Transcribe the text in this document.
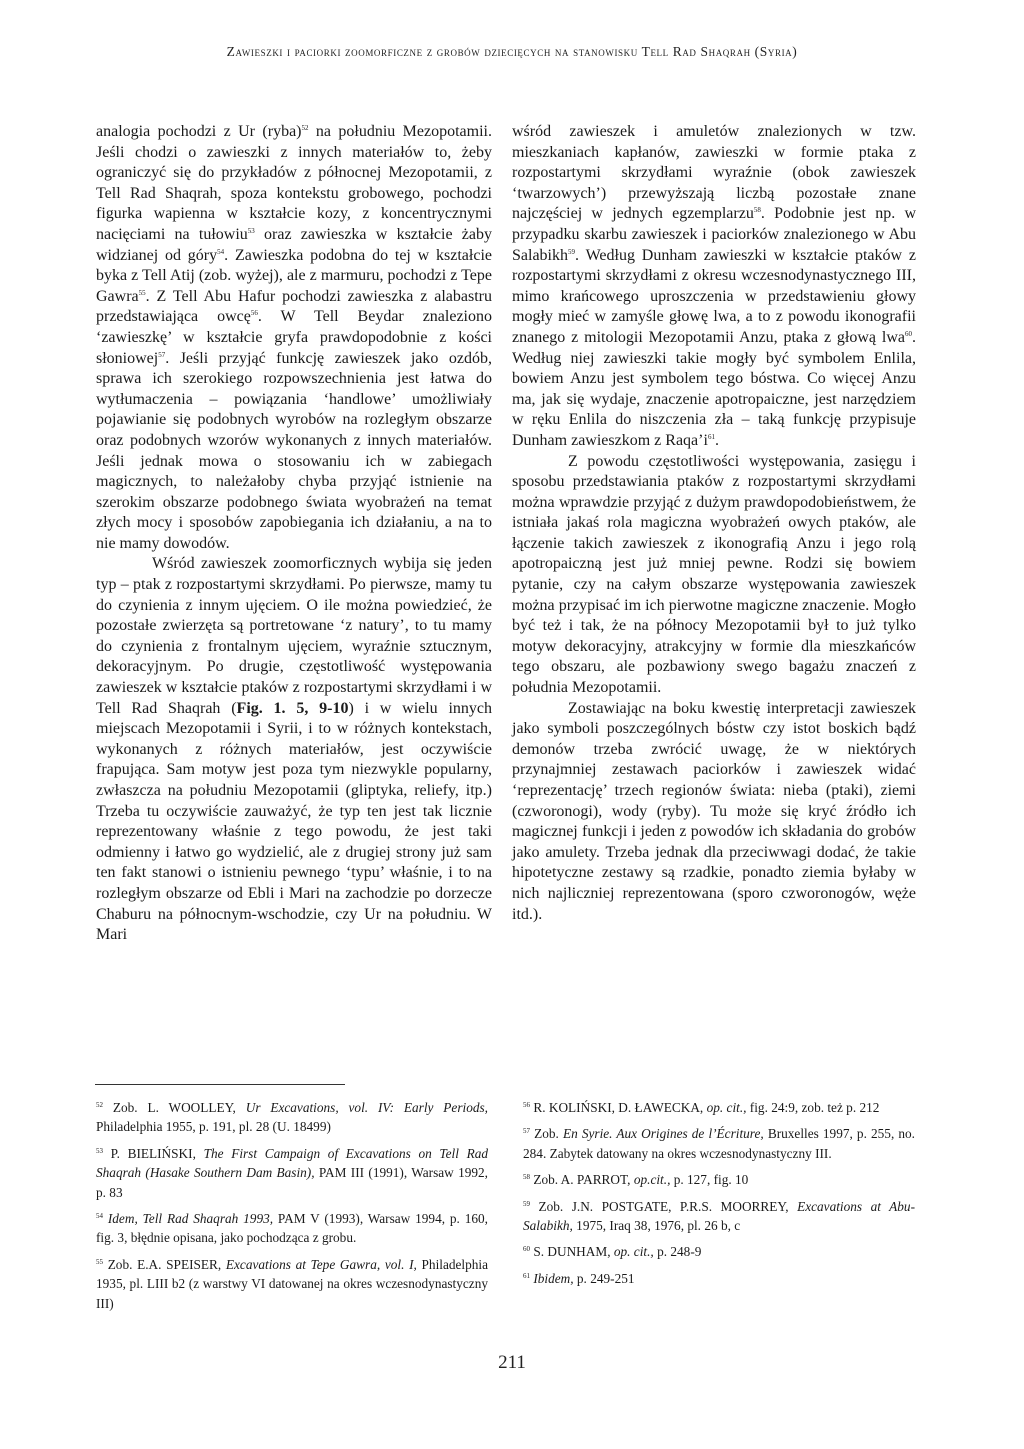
Zawieszki i paciorki zoomorficzne z grobów dziecięcych na stanowisku Tell Rad Shaqrah (Syria)

analogia pochodzi z Ur (ryba)$^{52}$ na południu Mezopotamii. Jeśli chodzi o zawieszki z innych materiałów to, żeby ograniczyć się do przykładów z północnej Mezopotamii, z Tell Rad Shaqrah, spoza kontekstu grobowego, pochodzi figurka wapienna w kształcie kozy, z koncentrycznymi nacięciami na tułowiu$^{53}$ oraz zawieszka w kształcie żaby widzianej od góry$^{54}$. Zawieszka podobna do tej w kształcie byka z Tell Atij (zob. wyżej), ale z marmuru, pochodzi z Tepe Gawra$^{55}$. Z Tell Abu Hafur pochodzi zawieszka z alabastru przedstawiająca owcę$^{56}$. W Tell Beydar znaleziono ‘zawieszkę’ w kształcie gryfa prawdopodobnie z kości słoniowej$^{57}$. Jeśli przyjąć funkcję zawieszek jako ozdób, sprawa ich szerokiego rozpowszechnienia jest łatwa do wytłumaczenia – powiązania ‘handlowe’ umożliwiały pojawianie się podobnych wyrobów na rozległym obszarze oraz podobnych wzorów wykonanych z innych materiałów. Jeśli jednak mowa o stosowaniu ich w zabiegach magicznych, to należałoby chyba przyjąć istnienie na szerokim obszarze podobnego świata wyobrażeń na temat złych mocy i sposobów zapobiegania ich działaniu, a na to nie mamy dowodów.

Wśród zawieszek zoomorficznych wybija się jeden typ – ptak z rozpostartymi skrzydłami. Po pierwsze, mamy tu do czynienia z innym ujęciem. O ile można powiedzieć, że pozostałe zwierzęta są portretowane ‘z natury’, to tu mamy do czynienia z frontalnym ujęciem, wyraźnie sztucznym, dekoracyjnym. Po drugie, częstotliwość występowania zawieszek w kształcie ptaków z rozpostartymi skrzydłami i w Tell Rad Shaqrah (Fig. 1. 5, 9-10) i w wielu innych miejscach Mezopotamii i Syrii, i to w różnych kontekstach, wykonanych z różnych materiałów, jest oczywiście frapująca. Sam motyw jest poza tym niezwykle popularny, zwłaszcza na południu Mezopotamii (gliptyka, reliefy, itp.) Trzeba tu oczywiście zauważyć, że typ ten jest tak licznie reprezentowany właśnie z tego powodu, że jest taki odmienny i łatwo go wydzielić, ale z drugiej strony już sam ten fakt stanowi o istnieniu pewnego ‘typu’ właśnie, i to na rozległym obszarze od Ebli i Mari na zachodzie po dorzecze Chaburu na północnym-wschodzie, czy Ur na południu. W Mari

wśród zawieszek i amuletów znalezionych w tzw. mieszkaniach kapłanów, zawieszki w formie ptaka z rozpostartymi skrzydłami wyraźnie (obok zawieszek ‘twarzowych’) przewyższają liczbą pozostałe znane najczęściej w jednych egzemplarzu$^{58}$. Podobnie jest np. w przypadku skarbu zawieszek i paciorków znalezionego w Abu Salabikh$^{59}$. Według Dunham zawieszki w kształcie ptaków z rozpostartymi skrzydłami z okresu wczesnodynastycznego III, mimo krańcowego uproszczenia w przedstawieniu głowy mogły mieć w zamyśle głowę lwa, a to z powodu ikonografii znanego z mitologii Mezopotamii Anzu, ptaka z głową lwa$^{60}$. Według niej zawieszki takie mogły być symbolem Enlila, bowiem Anzu jest symbolem tego bóstwa. Co więcej Anzu ma, jak się wydaje, znaczenie apotropaiczne, jest narzędziem w ręku Enlila do niszczenia zła – taką funkcję przypisuje Dunham zawieszkom z $Raqa’i^{61}$.

Z powodu częstotliwości występowania, zasięgu i sposobu przedstawiania ptaków z rozpostartymi skrzydłami można wprawdzie przyjąć z dużym prawdopodobieństwem, że istniała jakaś rola magiczna wyobrażeń owych ptaków, ale łączenie takich zawieszek z ikonografią Anzu i jego rolą apotropaiczną jest już mniej pewne. Rodzi się bowiem pytanie, czy na całym obszarze występowania zawieszek można przypisać im ich pierwotne magiczne znaczenie. Mogło być też i tak, że na północy Mezopotamii był to już tylko motyw dekoracyjny, atrakcyjny w formie dla mieszkańców tego obszaru, ale pozbawiony swego bagażu znaczeń z południa Mezopotamii.

Zostawiając na boku kwestię interpretacji zawieszek jako symboli poszczególnych bóstw czy istot boskich bądź demonów trzeba zwrócić uwagę, że w niektórych przynajmniej zestawach paciorków i zawieszek widać ‘reprezentację’ trzech regionów świata: nieba (ptaki), ziemi (czworonogi), wody (ryby). Tu może się kryć źródło ich magicznej funkcji i jeden z powodów ich składania do grobów jako amulety. Trzeba jednak dla przeciwwagi dodać, że takie hipotetyczne zestawy są rzadkie, ponadto ziemia byłaby w nich najliczniej reprezentowana (sporo czworonogów, węże itd.).

$^{52}$ Zob. L. WOOLLEY, Ur Excavations, vol. IV: Early Periods, Philadelphia 1955, p. 191, pl. 28 (U. 18499)

$^{53}$ P. BIELIŃSKI, The First Campaign of Excavations on Tell Rad Shaqrah (Hasake Southern Dam Basin), PAM III (1991), Warsaw 1992, p. 83

$^{54}$ Idem, Tell Rad Shaqrah 1993, PAM V (1993), Warsaw 1994, p. 160, fig. 3, błędnie opisana, jako pochodząca z grobu.

$^{55}$ Zob. E.A. SPEISER, Excavations at Tepe Gawra, vol. I, Philadelphia 1935, pl. LIII b2 (z warstwy VI datowanej na okres wczesnodynastyczny III)

$^{56}$ R. KOLIŃSKI, D. ŁAWECKA, op. cit., fig. 24:9, zob. też p. 212

$^{57}$ Zob. En Syrie. Aux Origines de l’Écriture, Bruxelles 1997, p. 255, no. 284. Zabytek datowany na okres wczesnodynastyczny III.

$^{58}$ Zob. A. PARROT, op.cit., p. 127, fig. 10

$^{59}$ Zob. J.N. POSTGATE, P.R.S. MOORREY, Excavations at Abu-Salabikh, 1975, Iraq 38, 1976, pl. 26 b, c

$^{60}$ S. DUNHAM, op. cit., p. 248-9

$^{61}$ Ibidem, p. 249-251

211
